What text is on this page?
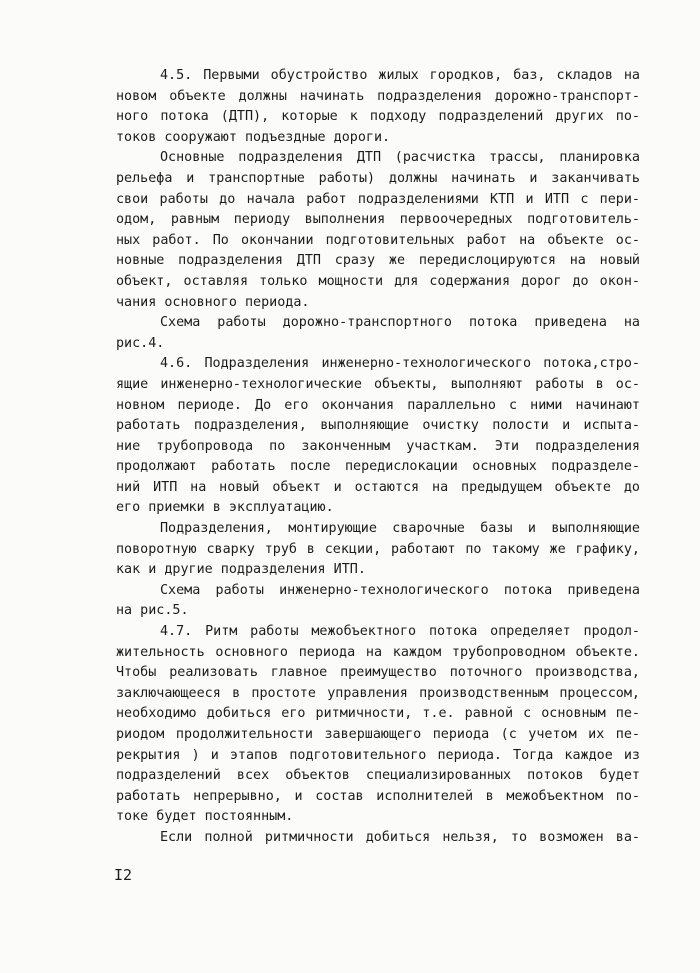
4.5. Первыми обустройство жилых городков, баз, складов на
новом объекте должны начинать подразделения дорожно-транспорт-
ного потока (ДТП), которые к подходу подразделений других по-
токов сооружают подъездные дороги.
Основные подразделения ДТП (расчистка трассы, планировка
рельефа и транспортные работы) должны начинать и заканчивать
свои работы до начала работ подразделениями КТП и ИТП с пери-
одом, равным периоду выполнения первоочередных подготовитель-
ных работ. По окончании подготовительных работ на объекте ос-
новные подразделения ДТП сразу же передислоцируются на новый
объект, оставляя только мощности для содержания дорог до окон-
чания основного периода.
Схема работы дорожно-транспортного потока приведена на
рис.4.
4.6. Подразделения инженерно-технологического потока,стро-
ящие инженерно-технологические объекты, выполняют работы в ос-
новном периоде. До его окончания параллельно с ними начинают
работать подразделения, выполняющие очистку полости и испыта-
ние трубопровода по законченным участкам. Эти подразделения
продолжают работать после передислокации основных подразделе-
ний ИТП на новый объект и остаются на предыдущем объекте до
его приемки в эксплуатацию.
Подразделения, монтирующие сварочные базы и выполняющие
поворотную сварку труб в секции, работают по такому же графику,
как и другие подразделения ИТП.
Схема работы инженерно-технологического потока приведена
на рис.5.
4.7. Ритм работы межобъектного потока определяет продол-
жительность основного периода на каждом трубопроводном объекте.
Чтобы реализовать главное преимущество поточного производства,
заключающееся в простоте управления производственным процессом,
необходимо добиться его ритмичности, т.е. равной с основным пе-
риодом продолжительности завершающего периода (с учетом их пе-
рекрытия ) и этапов подготовительного периода. Тогда каждое из
подразделений всех объектов специализированных потоков будет
работать непрерывно, и состав исполнителей в межобъектном по-
токе будет постоянным.
Если полной ритмичности добиться нельзя, то возможен ва-
I2
